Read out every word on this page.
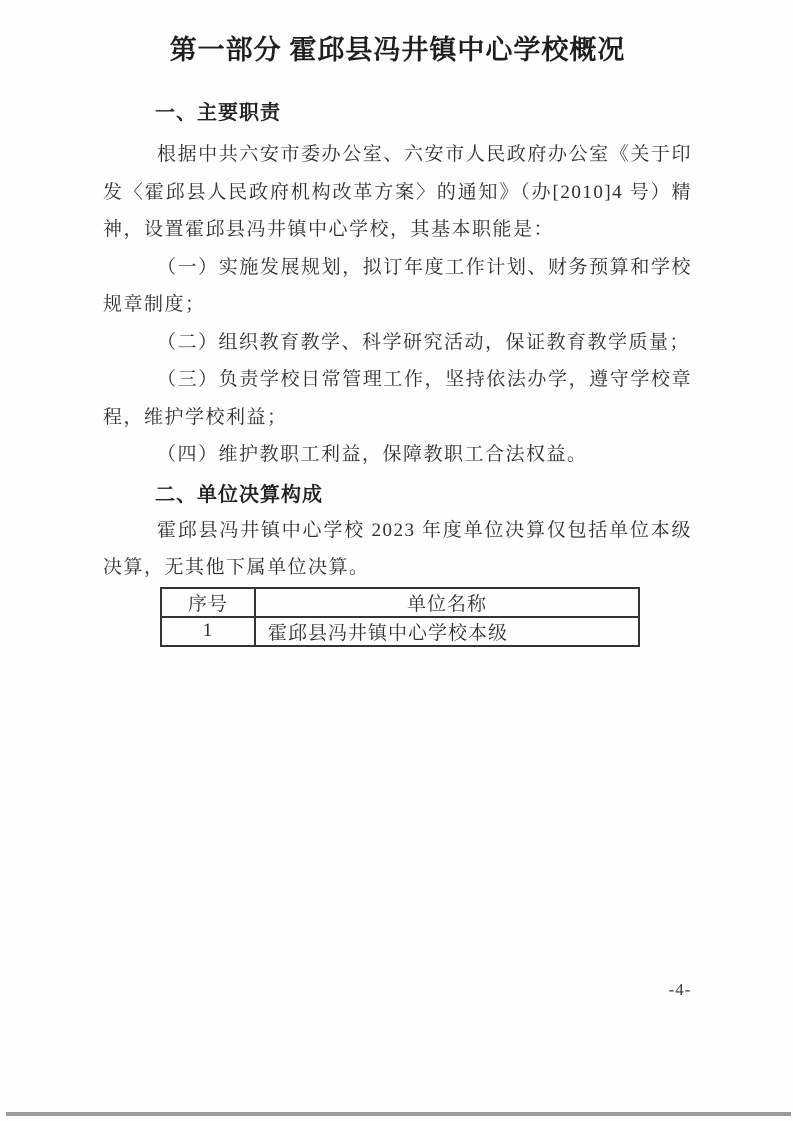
第一部分 霍邱县冯井镇中心学校概况
一、主要职责

根据中共六安市委办公室、六安市人民政府办公室《关于印发〈霍邱县人民政府机构改革方案〉的通知》（办[2010]4 号）精神，设置霍邱县冯井镇中心学校，其基本职能是：

（一）实施发展规划，拟订年度工作计划、财务预算和学校规章制度；

（二）组织教育教学、科学研究活动，保证教育教学质量；

（三）负责学校日常管理工作，坚持依法办学，遵守学校章程，维护学校利益；

（四）维护教职工利益，保障教职工合法权益。

二、单位决算构成

霍邱县冯井镇中心学校 2023 年度单位决算仅包括单位本级决算，无其他下属单位决算。

序号	单位名称
1	霍邱县冯井镇中心学校本级
-4-
